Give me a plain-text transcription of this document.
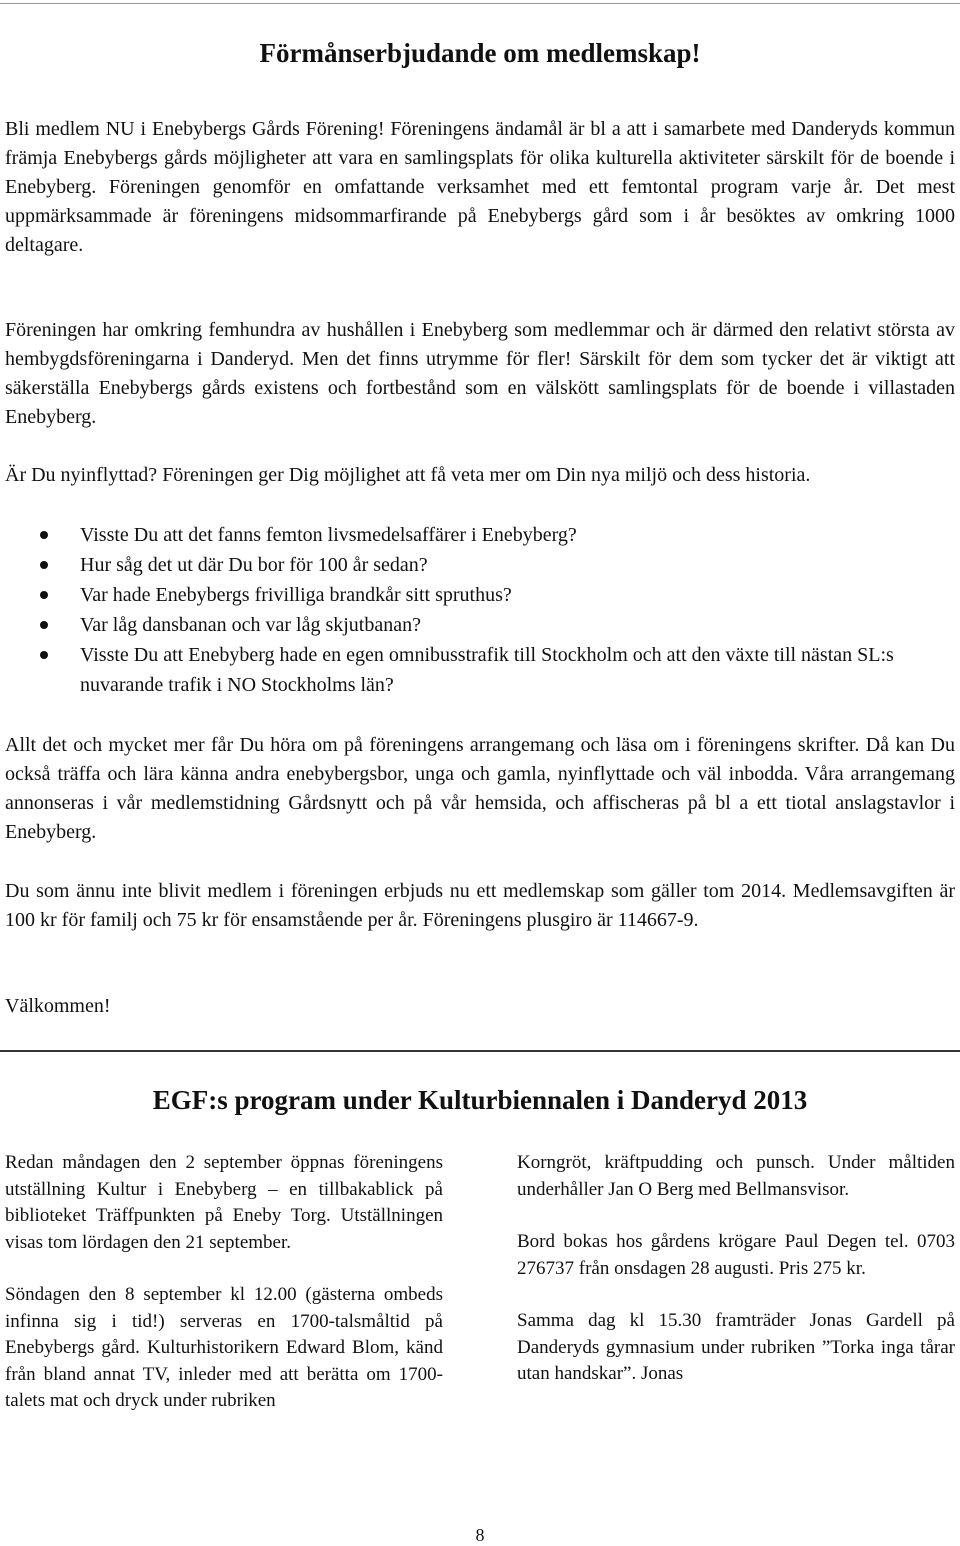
Förmånserbjudande om medlemskap!

Bli medlem NU i Enebybergs Gårds Förening! Föreningens ändamål är bl a att i samarbete med Danderyds kommun främja Enebybergs gårds möjligheter att vara en samlingsplats för olika kulturella aktiviteter särskilt för de boende i Enebyberg. Föreningen genomför en omfattande verksamhet med ett femtontal program varje år. Det mest uppmärksammade är föreningens midsommarfirande på Enebybergs gård som i år besöktes av omkring 1000 deltagare.

Föreningen har omkring femhundra av hushållen i Enebyberg som medlemmar och är därmed den relativt största av hembygdsföreningarna i Danderyd. Men det finns utrymme för fler! Särskilt för dem som tycker det är viktigt att säkerställa Enebybergs gårds existens och fortbestånd som en välskött samlingsplats för de boende i villastaden Enebyberg.

Är Du nyinflyttad? Föreningen ger Dig möjlighet att få veta mer om Din nya miljö och dess historia.

Visste Du att det fanns femton livsmedelsaffärer i Enebyberg?
Hur såg det ut där Du bor för 100 år sedan?
Var hade Enebybergs frivilliga brandkår sitt spruthus?
Var låg dansbanan och var låg skjutbanan?
Visste Du att Enebyberg hade en egen omnibusstrafik till Stockholm och att den växte till nästan SL:s nuvarande trafik i NO Stockholms län?

Allt det och mycket mer får Du höra om på föreningens arrangemang och läsa om i föreningens skrifter. Då kan Du också träffa och lära känna andra enebybergsbor, unga och gamla, nyinflyttade och väl inbodda. Våra arrangemang annonseras i vår medlemstidning Gårdsnytt och på vår hemsida, och affischeras på bl a ett tiotal anslagstavlor i Enebyberg.

Du som ännu inte blivit medlem i föreningen erbjuds nu ett medlemskap som gäller tom 2014. Medlemsavgiften är 100 kr för familj och 75 kr för ensamstående per år. Föreningens plusgiro är 114667-9.

Välkommen!

EGF:s program under Kulturbiennalen i Danderyd 2013

Redan måndagen den 2 september öppnas föreningens utställning Kultur i Enebyberg – en tillbakablick på biblioteket Träffpunkten på Eneby Torg. Utställningen visas tom lördagen den 21 september.

Söndagen den 8 september kl 12.00 (gästerna ombeds infinna sig i tid!) serveras en 1700-talsmåltid på Enebybergs gård. Kulturhistorikern Edward Blom, känd från bland annat TV, inleder med att berätta om 1700-talets mat och dryck under rubriken

Korngröt, kräftpudding och punsch. Under måltiden underhåller Jan O Berg med Bellmansvisor.

Bord bokas hos gårdens krögare Paul Degen tel. 0703 276737 från onsdagen 28 augusti. Pris 275 kr.

Samma dag kl 15.30 framträder Jonas Gardell på Danderyds gymnasium under rubriken ”Torka inga tårar utan handskar”. Jonas

8
